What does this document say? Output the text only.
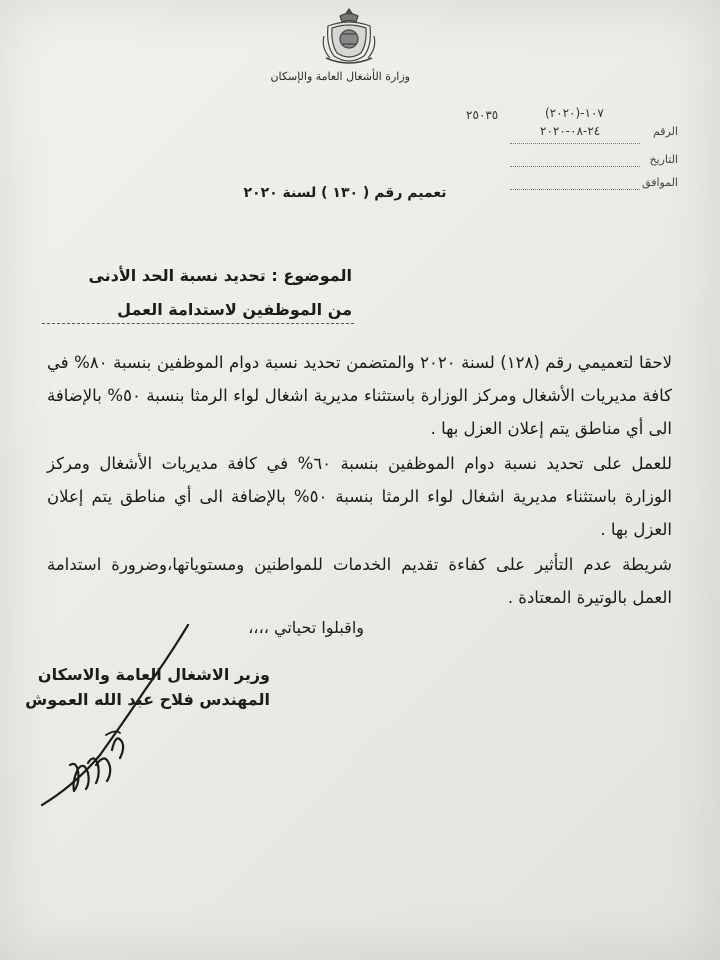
وزارة الأشغال العامة والإسكان
٢٥٠٣٥
الرقم
١٠٧-(٢٠٢٠)
٢٤-٠٨-٢٠٢٠
التاريخ
الموافق
تعميم رقم ( ١٣٠ ) لسنة ٢٠٢٠
الموضوع : تحديد نسبة الحد الأدنى
من الموظفين لاستدامة العمل
لاحقا لتعميمي رقم (١٢٨) لسنة ٢٠٢٠ والمتضمن تحديد نسبة دوام الموظفين بنسبة ٨٠% في كافة مديريات الأشغال ومركز الوزارة باستثناء مديرية اشغال لواء الرمثا بنسبة ٥٠% بالإضافة الى أي مناطق يتم إعلان العزل بها .
للعمل على تحديد نسبة دوام الموظفين بنسبة ٦٠% في كافة مديريات الأشغال ومركز الوزارة باستثناء مديرية اشغال لواء الرمثا بنسبة ٥٠% بالإضافة الى أي مناطق يتم إعلان العزل بها .
شريطة عدم التأثير على كفاءة تقديم الخدمات للمواطنين ومستوياتها،وضرورة استدامة العمل بالوتيرة المعتادة .
واقبلوا تحياتي ،،،،
وزير الاشغال العامة والاسكان
المهندس فلاح عبد الله العموش
